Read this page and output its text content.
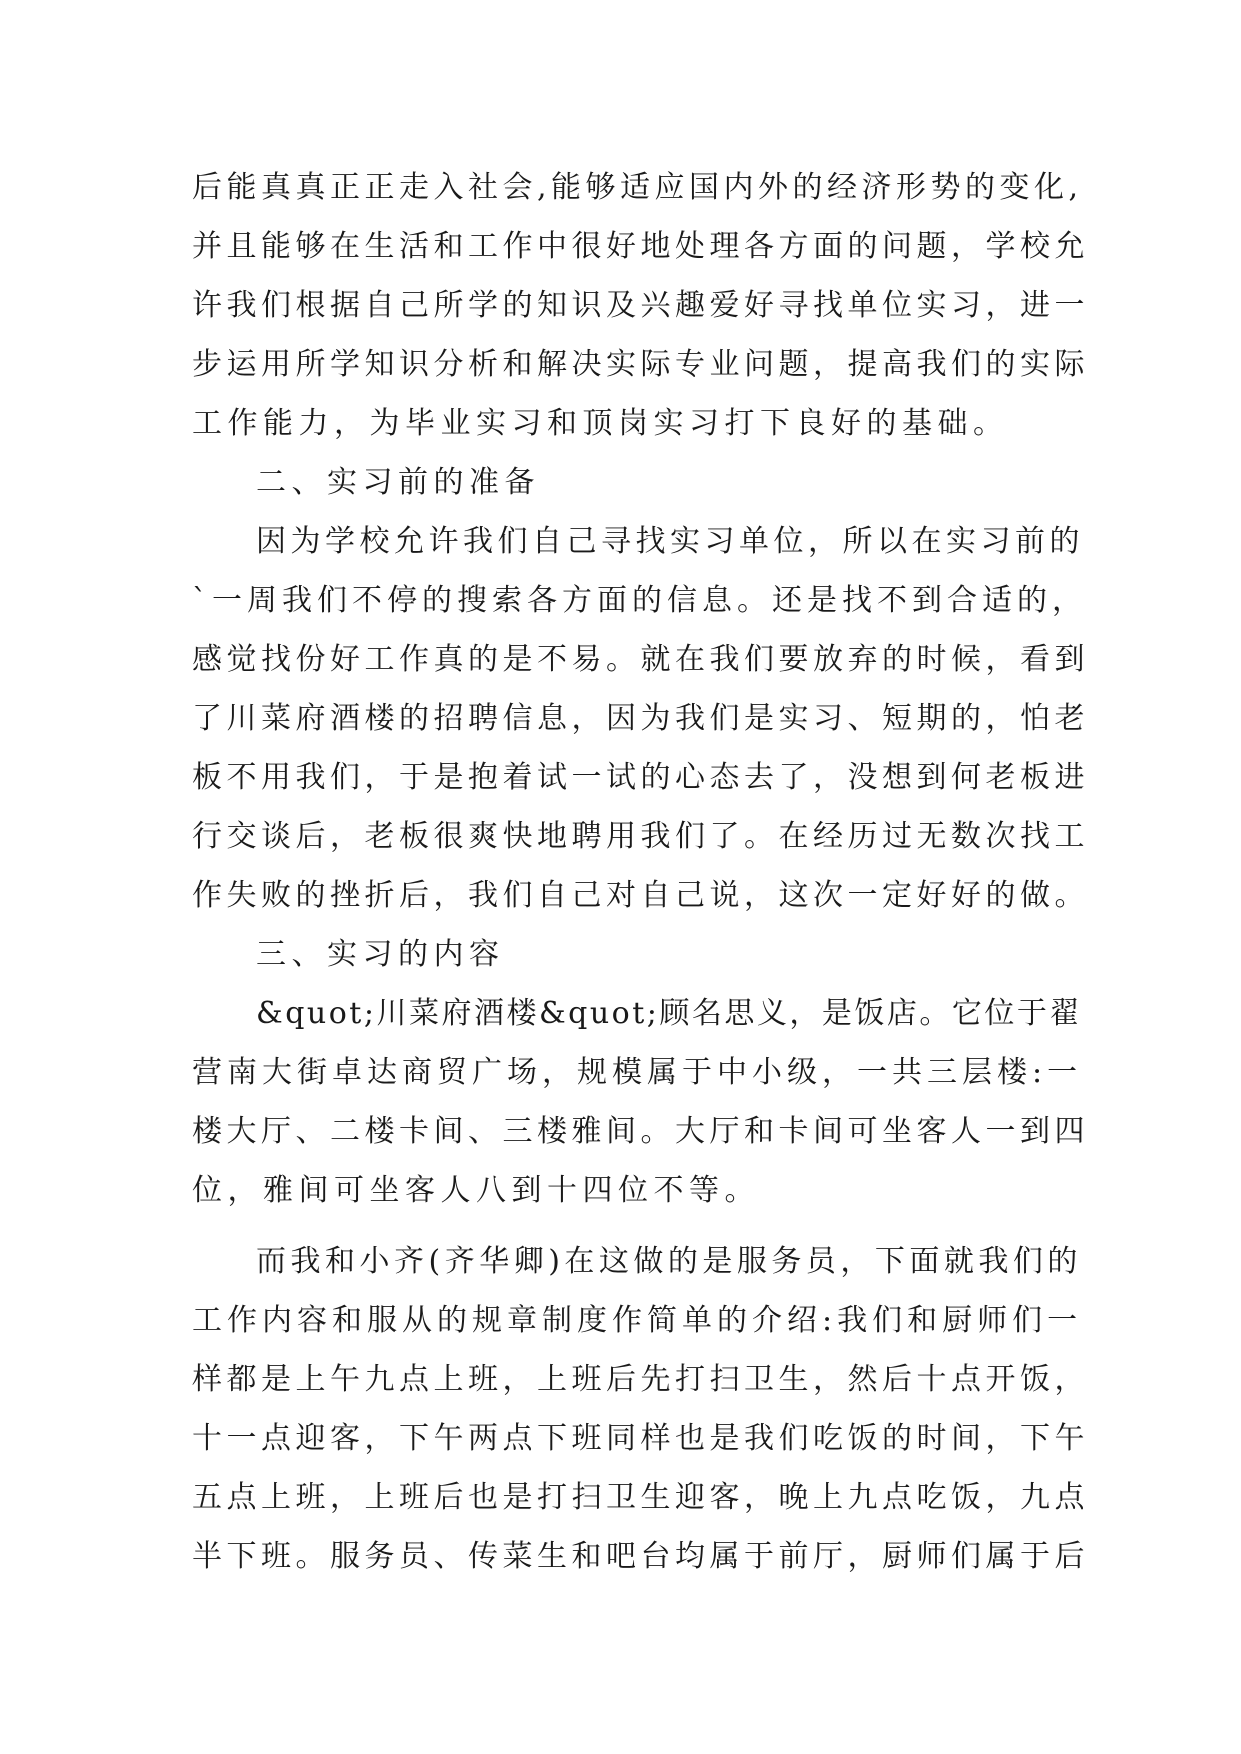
后能真真正正走入社会,能够适应国内外的经济形势的变化,
并且能够在生活和工作中很好地处理各方面的问题，学校允
许我们根据自己所学的知识及兴趣爱好寻找单位实习，进一
步运用所学知识分析和解决实际专业问题，提高我们的实际
工作能力，为毕业实习和顶岗实习打下良好的基础。
二、实习前的准备
因为学校允许我们自己寻找实习单位，所以在实习前的
`一周我们不停的搜索各方面的信息。还是找不到合适的，
感觉找份好工作真的是不易。就在我们要放弃的时候，看到
了川菜府酒楼的招聘信息，因为我们是实习、短期的，怕老
板不用我们，于是抱着试一试的心态去了，没想到何老板进
行交谈后，老板很爽快地聘用我们了。在经历过无数次找工
作失败的挫折后，我们自己对自己说，这次一定好好的做。
三、实习的内容
&quot;川菜府酒楼&quot;顾名思义，是饭店。它位于翟
营南大街卓达商贸广场，规模属于中小级，一共三层楼:一
楼大厅、二楼卡间、三楼雅间。大厅和卡间可坐客人一到四
位，雅间可坐客人八到十四位不等。
而我和小齐(齐华卿)在这做的是服务员，下面就我们的
工作内容和服从的规章制度作简单的介绍:我们和厨师们一
样都是上午九点上班，上班后先打扫卫生，然后十点开饭，
十一点迎客，下午两点下班同样也是我们吃饭的时间，下午
五点上班，上班后也是打扫卫生迎客，晚上九点吃饭，九点
半下班。服务员、传菜生和吧台均属于前厅，厨师们属于后
